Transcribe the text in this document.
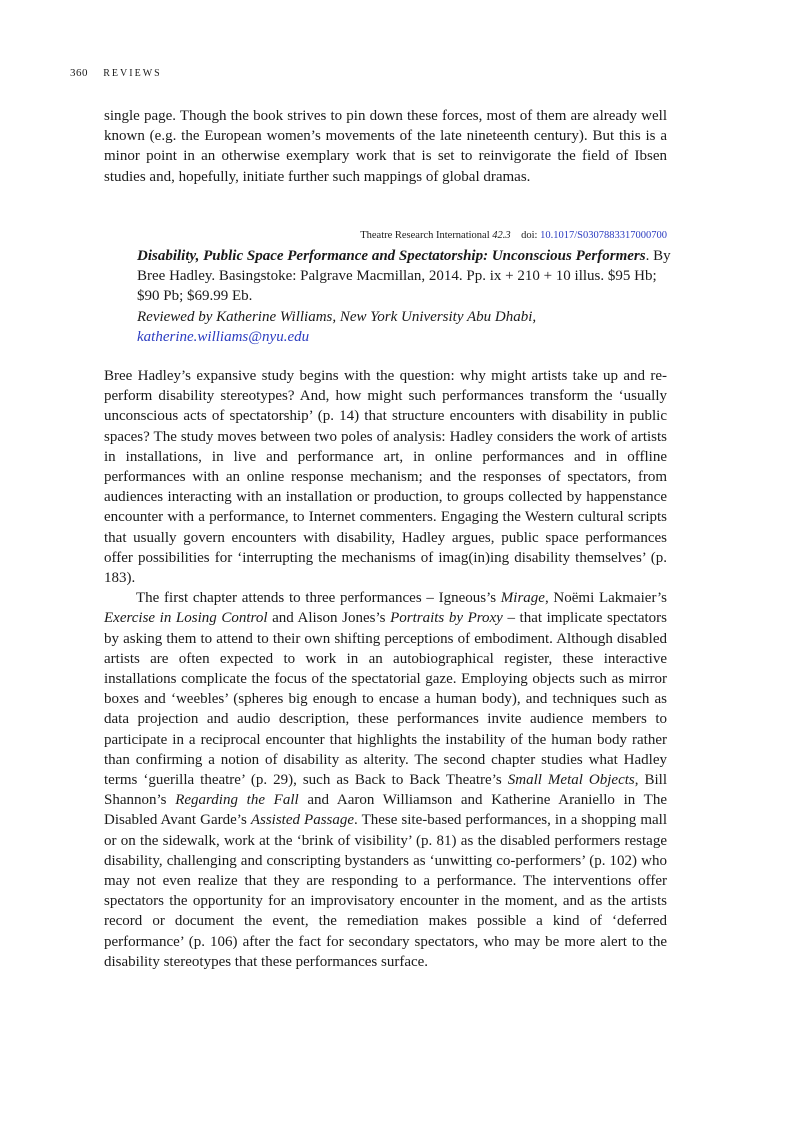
360 REVIEWS
single page. Though the book strives to pin down these forces, most of them are already well known (e.g. the European women’s movements of the late nineteenth century). But this is a minor point in an otherwise exemplary work that is set to reinvigorate the field of Ibsen studies and, hopefully, initiate further such mappings of global dramas.
Theatre Research International 42.3 doi: 10.1017/S0307883317000700
Disability, Public Space Performance and Spectatorship: Unconscious Performers. By Bree Hadley. Basingstoke: Palgrave Macmillan, 2014. Pp. ix + 210 + 10 illus. $95 Hb; $90 Pb; $69.99 Eb.
Reviewed by Katherine Williams, New York University Abu Dhabi,
katherine.williams@nyu.edu

Bree Hadley’s expansive study begins with the question: why might artists take up and re-perform disability stereotypes? And, how might such performances transform the ‘usually unconscious acts of spectatorship’ (p. 14) that structure encounters with disability in public spaces? The study moves between two poles of analysis: Hadley considers the work of artists in installations, in live and performance art, in online performances and in offline performances with an online response mechanism; and the responses of spectators, from audiences interacting with an installation or production, to groups collected by happenstance encounter with a performance, to Internet commenters. Engaging the Western cultural scripts that usually govern encounters with disability, Hadley argues, public space performances offer possibilities for ‘interrupting the mechanisms of imag(in)ing disability themselves’ (p. 183).

The first chapter attends to three performances – Igneous’s Mirage, Noëmi Lakmaier’s Exercise in Losing Control and Alison Jones’s Portraits by Proxy – that implicate spectators by asking them to attend to their own shifting perceptions of embodiment. Although disabled artists are often expected to work in an autobiographical register, these interactive installations complicate the focus of the spectatorial gaze. Employing objects such as mirror boxes and ‘weebles’ (spheres big enough to encase a human body), and techniques such as data projection and audio description, these performances invite audience members to participate in a reciprocal encounter that highlights the instability of the human body rather than confirming a notion of disability as alterity. The second chapter studies what Hadley terms ‘guerilla theatre’ (p. 29), such as Back to Back Theatre’s Small Metal Objects, Bill Shannon’s Regarding the Fall and Aaron Williamson and Katherine Araniello in The Disabled Avant Garde’s Assisted Passage. These site-based performances, in a shopping mall or on the sidewalk, work at the ‘brink of visibility’ (p. 81) as the disabled performers restage disability, challenging and conscripting bystanders as ‘unwitting co-performers’ (p. 102) who may not even realize that they are responding to a performance. The interventions offer spectators the opportunity for an improvisatory encounter in the moment, and as the artists record or document the event, the remediation makes possible a kind of ‘deferred performance’ (p. 106) after the fact for secondary spectators, who may be more alert to the disability stereotypes that these performances surface.
